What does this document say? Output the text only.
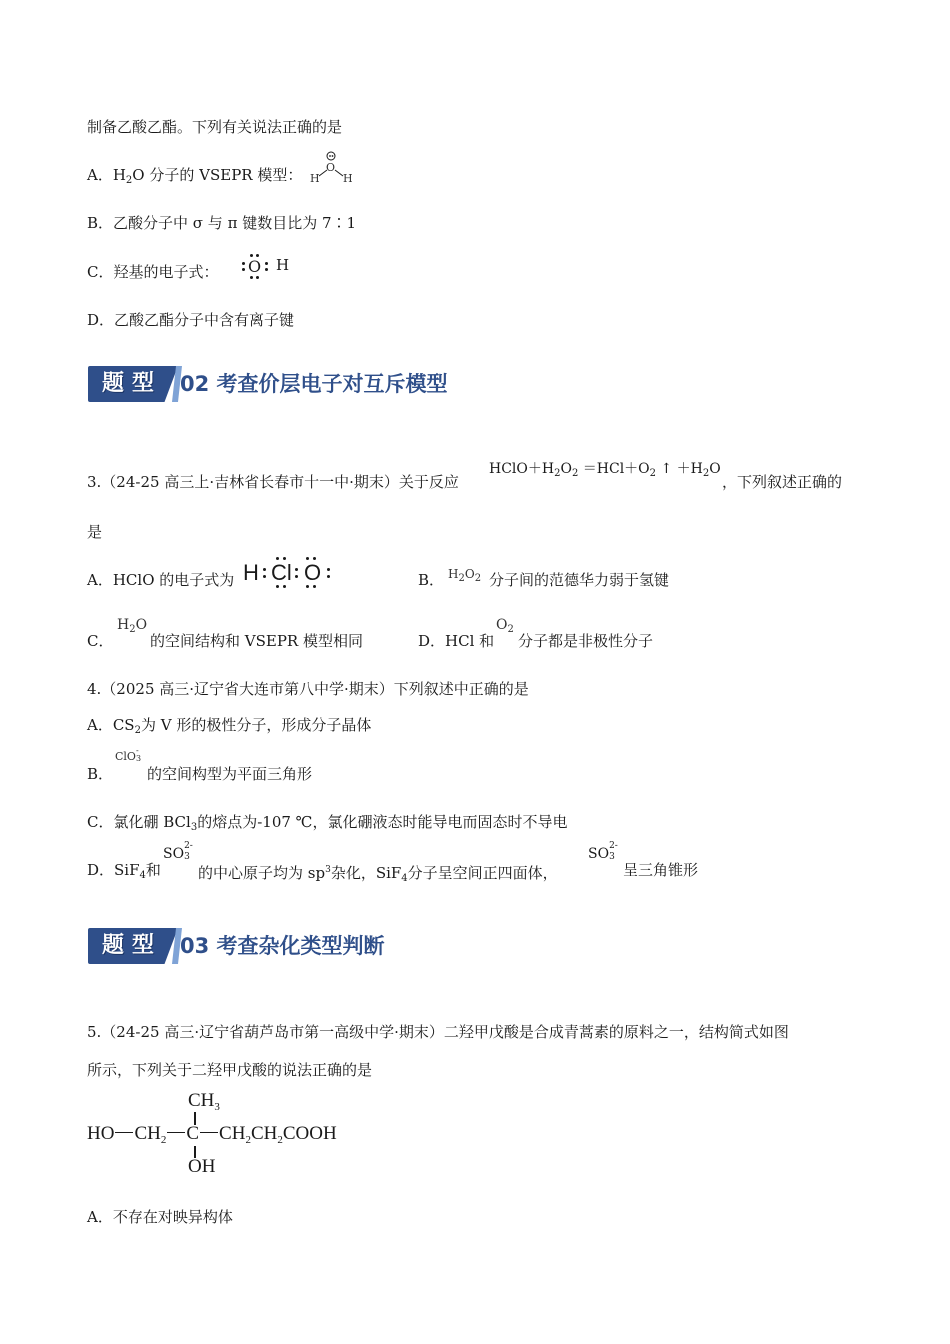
制备乙酸乙酯。下列有关说法正确的是
A．$H_2O$ 分子的 VSEPR 模型： O
H H
B．乙酸分子中 σ 与 π 键数目比为 7∶1
C．羟基的电子式： O H
D．乙酸乙酯分子中含有离子键
题型 02 考查价层电子对互斥模型
3.（24-25 高三上·吉林省长春市十一中·期末）关于反应
$HClO+H_2O_2 =HCl+O_2$ ↑ $+H_2O$
，下列叙述正确的
是
A．HClO 的电子式为 H Cl O	B． $H_2O_2$ 分子间的范德华力弱于氢键
C．
$H_2O$
的空间结构和 VSEPR 模型相同	D．HCl 和
$O_2$
分子都是非极性分子
4.（2025 高三·辽宁省大连市第八中学·期末）下列叙述中正确的是
A．$CS_2$为 V 形的极性分子，形成分子晶体
B．
ClO -
3
的空间构型为平面三角形
C．氯化硼 BCl$_3$的熔点为-107 ℃，氯化硼液态时能导电而固态时不导电
D．SiF$_4$和
SO 2-
3
的中心原子均为 $sp^3$杂化，SiF$_4$分子呈空间正四面体，
SO 2-
3
呈三角锥形
题型 03 考查杂化类型判断
5.（24-25 高三·辽宁省葫芦岛市第一高级中学·期末）二羟甲戊酸是合成青蒿素的原料之一，结构简式如图
所示，下列关于二羟甲戊酸的说法正确的是
$CH_3$
HO $CH_2$ C $CH_2CH_2COOH$
OH
A．不存在对映异构体
